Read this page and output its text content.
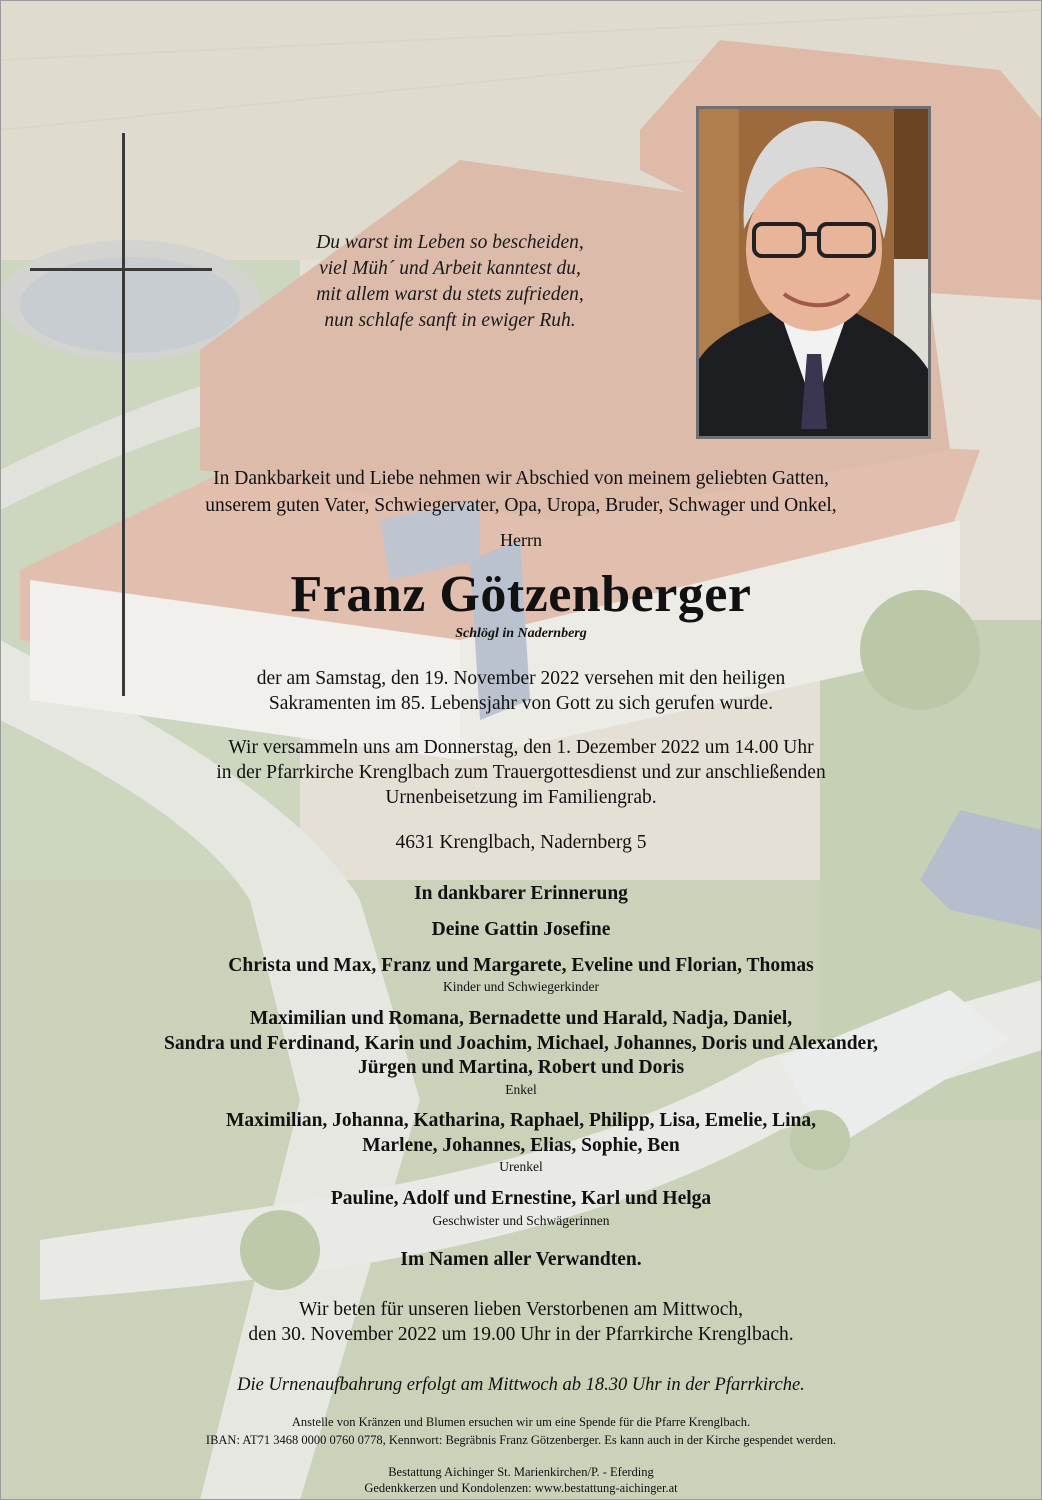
Du warst im Leben so bescheiden,
viel Müh´ und Arbeit kanntest du,
mit allem warst du stets zufrieden,
nun schlafe sanft in ewiger Ruh.
In Dankbarkeit und Liebe nehmen wir Abschied von meinem geliebten Gatten,
unserem guten Vater, Schwiegervater, Opa, Uropa, Bruder, Schwager und Onkel,
Herrn
Franz Götzenberger
Schlögl in Nadernberg
der am Samstag, den 19. November 2022 versehen mit den heiligen
Sakramenten im 85. Lebensjahr von Gott zu sich gerufen wurde.
Wir versammeln uns am Donnerstag, den 1. Dezember 2022 um 14.00 Uhr
in der Pfarrkirche Krenglbach zum Trauergottesdienst und zur anschließenden
Urnenbeisetzung im Familiengrab.
4631 Krenglbach, Nadernberg 5
In dankbarer Erinnerung
Deine Gattin Josefine
Christa und Max, Franz und Margarete, Eveline und Florian, Thomas
Kinder und Schwiegerkinder
Maximilian und Romana, Bernadette und Harald, Nadja, Daniel,
Sandra und Ferdinand, Karin und Joachim, Michael, Johannes, Doris und Alexander,
Jürgen und Martina, Robert und Doris
Enkel
Maximilian, Johanna, Katharina, Raphael, Philipp, Lisa, Emelie, Lina,
Marlene, Johannes, Elias, Sophie, Ben
Urenkel
Pauline, Adolf und Ernestine, Karl und Helga
Geschwister und Schwägerinnen
Im Namen aller Verwandten.
Wir beten für unseren lieben Verstorbenen am Mittwoch,
den 30. November 2022 um 19.00 Uhr in der Pfarrkirche Krenglbach.
Die Urnenaufbahrung erfolgt am Mittwoch ab 18.30 Uhr in der Pfarrkirche.
Anstelle von Kränzen und Blumen ersuchen wir um eine Spende für die Pfarre Krenglbach.
IBAN: AT71 3468 0000 0760 0778, Kennwort: Begräbnis Franz Götzenberger. Es kann auch in der Kirche gespendet werden.
Bestattung Aichinger St. Marienkirchen/P. - Eferding
Gedenkkerzen und Kondolenzen: www.bestattung-aichinger.at
